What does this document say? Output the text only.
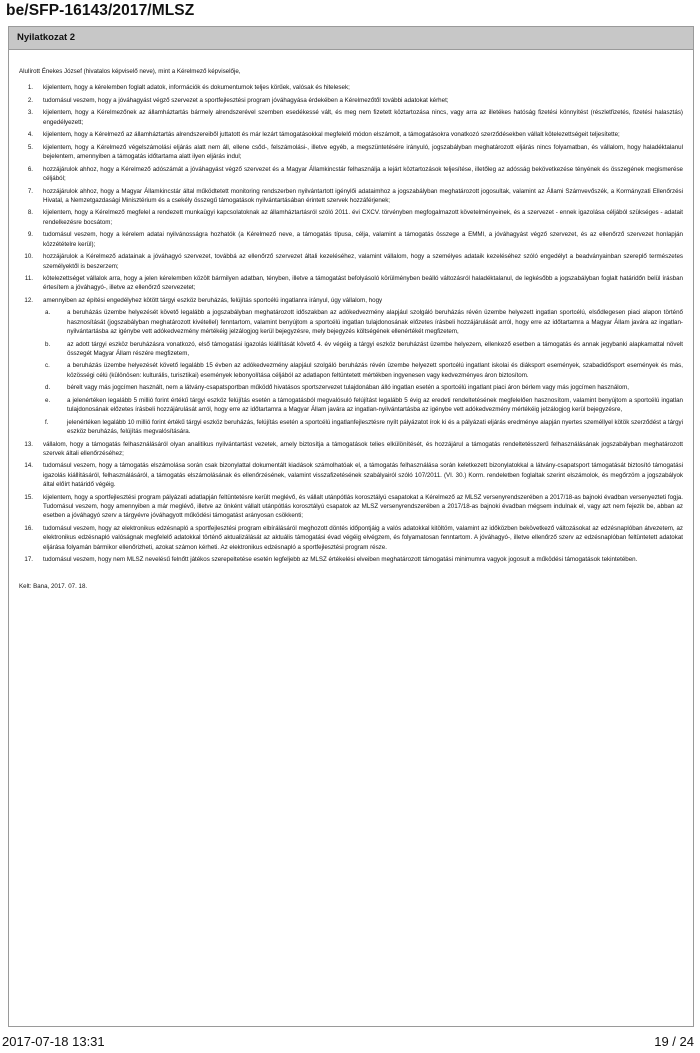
be/SFP-16143/2017/MLSZ
Nyilatkozat 2

Alulírott Énekes József (hivatalos képviselő neve), mint a Kérelmező képviselője,

1. kijelentem, hogy a kérelemben foglalt adatok, információk és dokumentumok teljes körűek, valósak és hitelesek;
2. tudomásul veszem, hogy a jóváhagyást végző szervezet a sportfejlesztési program jóváhagyása érdekében a Kérelmezőtől további adatokat kérhet;
3. kijelentem, hogy a Kérelmezőnek az államháztartás bármely alrendszerével szemben esedékessé vált, és meg nem fizetett köztartozása nincs, vagy arra az illetékes hatóság fizetési könnyítést (részletfizetés, fizetési halasztás) engedélyezett;
4. kijelentem, hogy a Kérelmező az államháztartás alrendszereiből juttatott és már lezárt támogatásokkal megfelelő módon elszámolt, a támogatásokra vonatkozó szerződésekben vállalt kötelezettségeit teljesítette;
5. kijelentem, hogy a Kérelmező végelszámolási eljárás alatt nem áll, ellene csőd-, felszámolási-, illetve egyéb, a megszüntetésére irányuló, jogszabályban meghatározott eljárás nincs folyamatban, és vállalom, hogy haladéktalanul bejelentem, amennyiben a támogatás időtartama alatt ilyen eljárás indul;
6. hozzájárulok ahhoz, hogy a Kérelmező adószámát a jóváhagyást végző szervezet és a Magyar Államkincstár felhasználja a lejárt köztartozások teljesítése, illetőleg az adósság bekövetkezése tényének és összegének megismerése céljából;
7. hozzájárulok ahhoz, hogy a Magyar Államkincstár által működtetett monitoring rendszerben nyilvántartott igénylői adataimhoz a jogszabályban meghatározott jogosultak, valamint az Állami Számvevőszék, a Kormányzati Ellenőrzési Hivatal, a Nemzetgazdasági Minisztérium és a csekély összegű támogatások nyilvántartásában érintett szervek hozzáférjenek;
8. kijelentem, hogy a Kérelmező megfelel a rendezett munkaügyi kapcsolatoknak az államháztartásról szóló 2011. évi CXCV. törvényben megfogalmazott követelményeinek, és a szervezet - ennek igazolása céljából szükséges - adatait rendelkezésre bocsátom;
9. tudomásul veszem, hogy a kérelem adatai nyilvánosságra hozhatók (a Kérelmező neve, a támogatás típusa, célja, valamint a támogatás összege a EMMI, a jóváhagyást végző szervezet, és az ellenőrző szervezet honlapján közzétételre kerül);
10. hozzájárulok a Kérelmező adatainak a jóváhagyó szervezet, továbbá az ellenőrző szervezet általi kezeléséhez, valamint vállalom, hogy a személyes adataik kezeléséhez szóló engedélyt a beadványainban szereplő természetes személyektől is beszerzem;
11. kötelezettséget vállalok arra, hogy a jelen kérelemben közölt bármilyen adatban, tényben, illetve a támogatást befolyásoló körülményben beálló változásról haladéktalanul, de legkésőbb a jogszabályban foglalt határidőn belül írásban értesítem a jóváhagyó-, illetve az ellenőrző szervezetet;
12. amennyiben az építési engedélyhez kötött tárgyi eszköz beruházás, felújítás sportcélú ingatlanra irányul, úgy vállalom, hogy
a.	a beruházás üzembe helyezését követő legalább a jogszabályban meghatározott időszakban az adókedvezmény alapjául szolgáló beruházás révén üzembe helyezett ingatlan sportcélú, elsődlegesen piaci alapon történő hasznosítását (jogszabályban meghatározott kivétellel) fenntartom, valamint benyújtom a sportcélú ingatlan tulajdonosának előzetes írásbeli hozzájárulását arról, hogy erre az időtartamra a Magyar Állam javára az ingatlan-nyilvántartásba az igénybe vett adókedvezmény mértékéig jelzálogjog kerül bejegyzésre, mely bejegyzés költségének ellenértékét megfizetem,
b.	az adott tárgyi eszköz beruházásra vonatkozó, első támogatási igazolás kiállítását követő 4. év végéig a tárgyi eszköz beruházást üzembe helyezem, ellenkező esetben a támogatás és annak jegybanki alapkamattal növelt összegét Magyar Állam részére megfizetem,
c.	a beruházás üzembe helyezését követő legalább 15 évben az adókedvezmény alapjául szolgáló beruházás révén üzembe helyezett sportcélú ingatlant iskolai és diáksport események, szabadidősport események és más, közösségi célú (különösen: kulturális, turisztikai) események lebonyolítása céljából az adatlapon feltüntetett mértékben ingyenesen vagy kedvezményes áron biztosítom.
d.	bérelt vagy más jogcímen használt, nem a látvány-csapatsportban működő hivatásos sportszervezet tulajdonában álló ingatlan esetén a sportcélú ingatlant piaci áron bérlem vagy más jogcímen használom,
e.	a jelenértéken legalább 5 millió forint értékű tárgyi eszköz felújítás esetén a támogatásból megvalósuló felújítást legalább 5 évig az eredeti rendeltetésének megfelelően hasznosítom, valamint benyújtom a sportcélú ingatlan tulajdonosának előzetes írásbeli hozzájárulását arról, hogy erre az időtartamra a Magyar Állam javára az ingatlan-nyilvántartásba az igénybe vett adókedvezmény mértékéig jelzálogjog kerül bejegyzésre,
f.	jelenértéken legalább 10 millió forint értékű tárgyi eszköz beruházás, felújítás esetén a sportcélú ingatlanfejlesztésre nyílt pályázatot írok ki és a pályázati eljárás eredménye alapján nyertes személlyel kötök szerződést a tárgyi eszköz beruházás, felújítás megvalósítására.
13. vállalom, hogy a támogatás felhasználásáról olyan analitikus nyilvántartást vezetek, amely biztosítja a támogatások telies elkülönítését, és hozzájárul a támogatás rendeltetésszerű felhasználásának jogszabályban meghatározott szervek általi ellenőrzéséhez;
14. tudomásul veszem, hogy a támogatás elszámolása során csak bizonylattal dokumentált kiadások számolhatóak el, a támogatás felhasználása során keletkezett bizonylatokkal a látvány-csapatsport támogatását biztosító támogatási igazolás kiállításáról, felhasználásáról, a támogatás elszámolásának és ellenőrzésének, valamint visszafizetésének szabályairól szóló 107/2011. (VI. 30.) Korm. rendeletben foglaltak szerint elszámolok, és megőrzöm a jogszabályok által előírt határidő végéig.
15. kijelentem, hogy a sportfejlesztési program pályázati adatlapján feltüntetésre került meglévő, és vállalt utánpótlás korosztályú csapatokat a Kérelmező az MLSZ versenyrendszerében a 2017/18-as bajnoki évadban versenyezteti fogja. Tudomásul veszem, hogy amennyiben a már meglévő, illetve az önként vállalt utánpótlás korosztályú csapatok az MLSZ versenyrendszerében a 2017/18-as bajnoki évadban mégsem indulnak el, vagy azt nem fejezik be, abban az esetben a jóváhagyó szerv a tárgyévre jóváhagyott működési támogatást arányosan csökkenti;
16. tudomásul veszem, hogy az elektronikus edzésnapló a sportfejlesztési program elbírálásáról meghozott döntés időpontjáig a valós adatokkal kitöltöm, valamint az időközben bekövetkező változásokat az edzésnaplóban átvezetem, az elektronikus edzésnapló valóságnak megfelelő adatokkal történő aktualizálását az aktuális támogatási évad végéig elvégzem, és folyamatosan fenntartom. A jóváhagyó-, illetve ellenőrző szerv az edzésnaplóban feltüntetett adatokat eljárása folyamán bármikor ellenőrizheti, azokat számon kérheti. Az elektronikus edzésnapló a sportfejlesztési program része.
17. tudomásul veszem, hogy nem MLSZ nevelésű felnőtt játékos szerepeltetése esetén legfeljebb az MLSZ értékelési elveiben meghatározott támogatási minimumra vagyok jogosult a működési támogatások tekintetében.

Kelt: Bana, 2017. 07. 18.

2017-07-18 13:31	19 / 24
